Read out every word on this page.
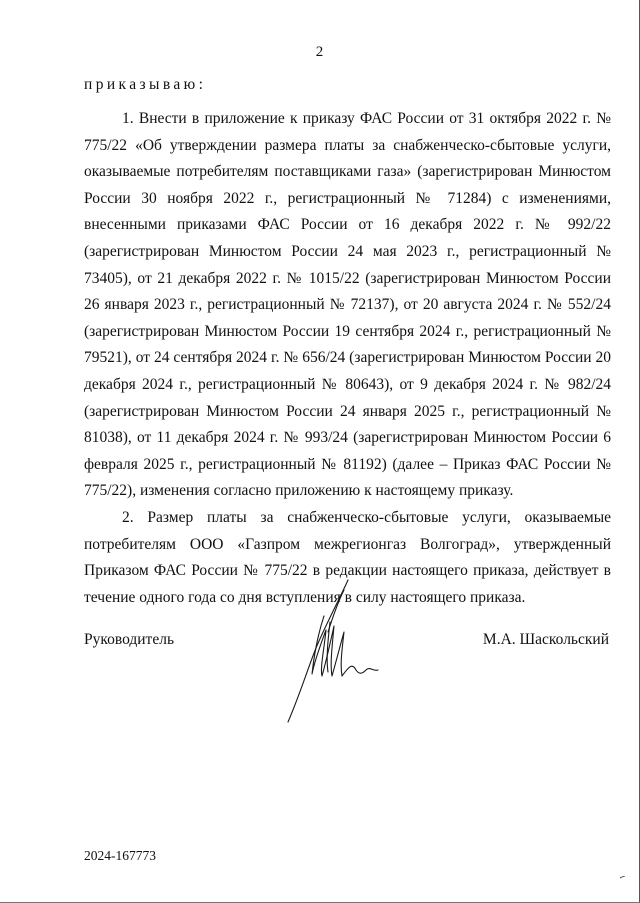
2
приказываю:

1. Внести в приложение к приказу ФАС России от 31 октября 2022 г. № 775/22 «Об утверждении размера платы за снабженческо-сбытовые услуги, оказываемые потребителям поставщиками газа» (зарегистрирован Минюстом России 30 ноября 2022 г., регистрационный № 71284) с изменениями, внесенными приказами ФАС России от 16 декабря 2022 г. № 992/22 (зарегистрирован Минюстом России 24 мая 2023 г., регистрационный № 73405), от 21 декабря 2022 г. № 1015/22 (зарегистрирован Минюстом России 26 января 2023 г., регистрационный № 72137), от 20 августа 2024 г. № 552/24 (зарегистрирован Минюстом России 19 сентября 2024 г., регистрационный № 79521), от 24 сентября 2024 г. № 656/24 (зарегистрирован Минюстом России 20 декабря 2024 г., регистрационный № 80643), от 9 декабря 2024 г. № 982/24 (зарегистрирован Минюстом России 24 января 2025 г., регистрационный № 81038), от 11 декабря 2024 г. № 993/24 (зарегистрирован Минюстом России 6 февраля 2025 г., регистрационный № 81192) (далее – Приказ ФАС России № 775/22), изменения согласно приложению к настоящему приказу.

2. Размер платы за снабженческо-сбытовые услуги, оказываемые потребителям ООО «Газпром межрегионгаз Волгоград», утвержденный Приказом ФАС России № 775/22 в редакции настоящего приказа, действует в течение одного года со дня вступления в силу настоящего приказа.

Руководитель	М.А. Шаскольский
2024-167773
